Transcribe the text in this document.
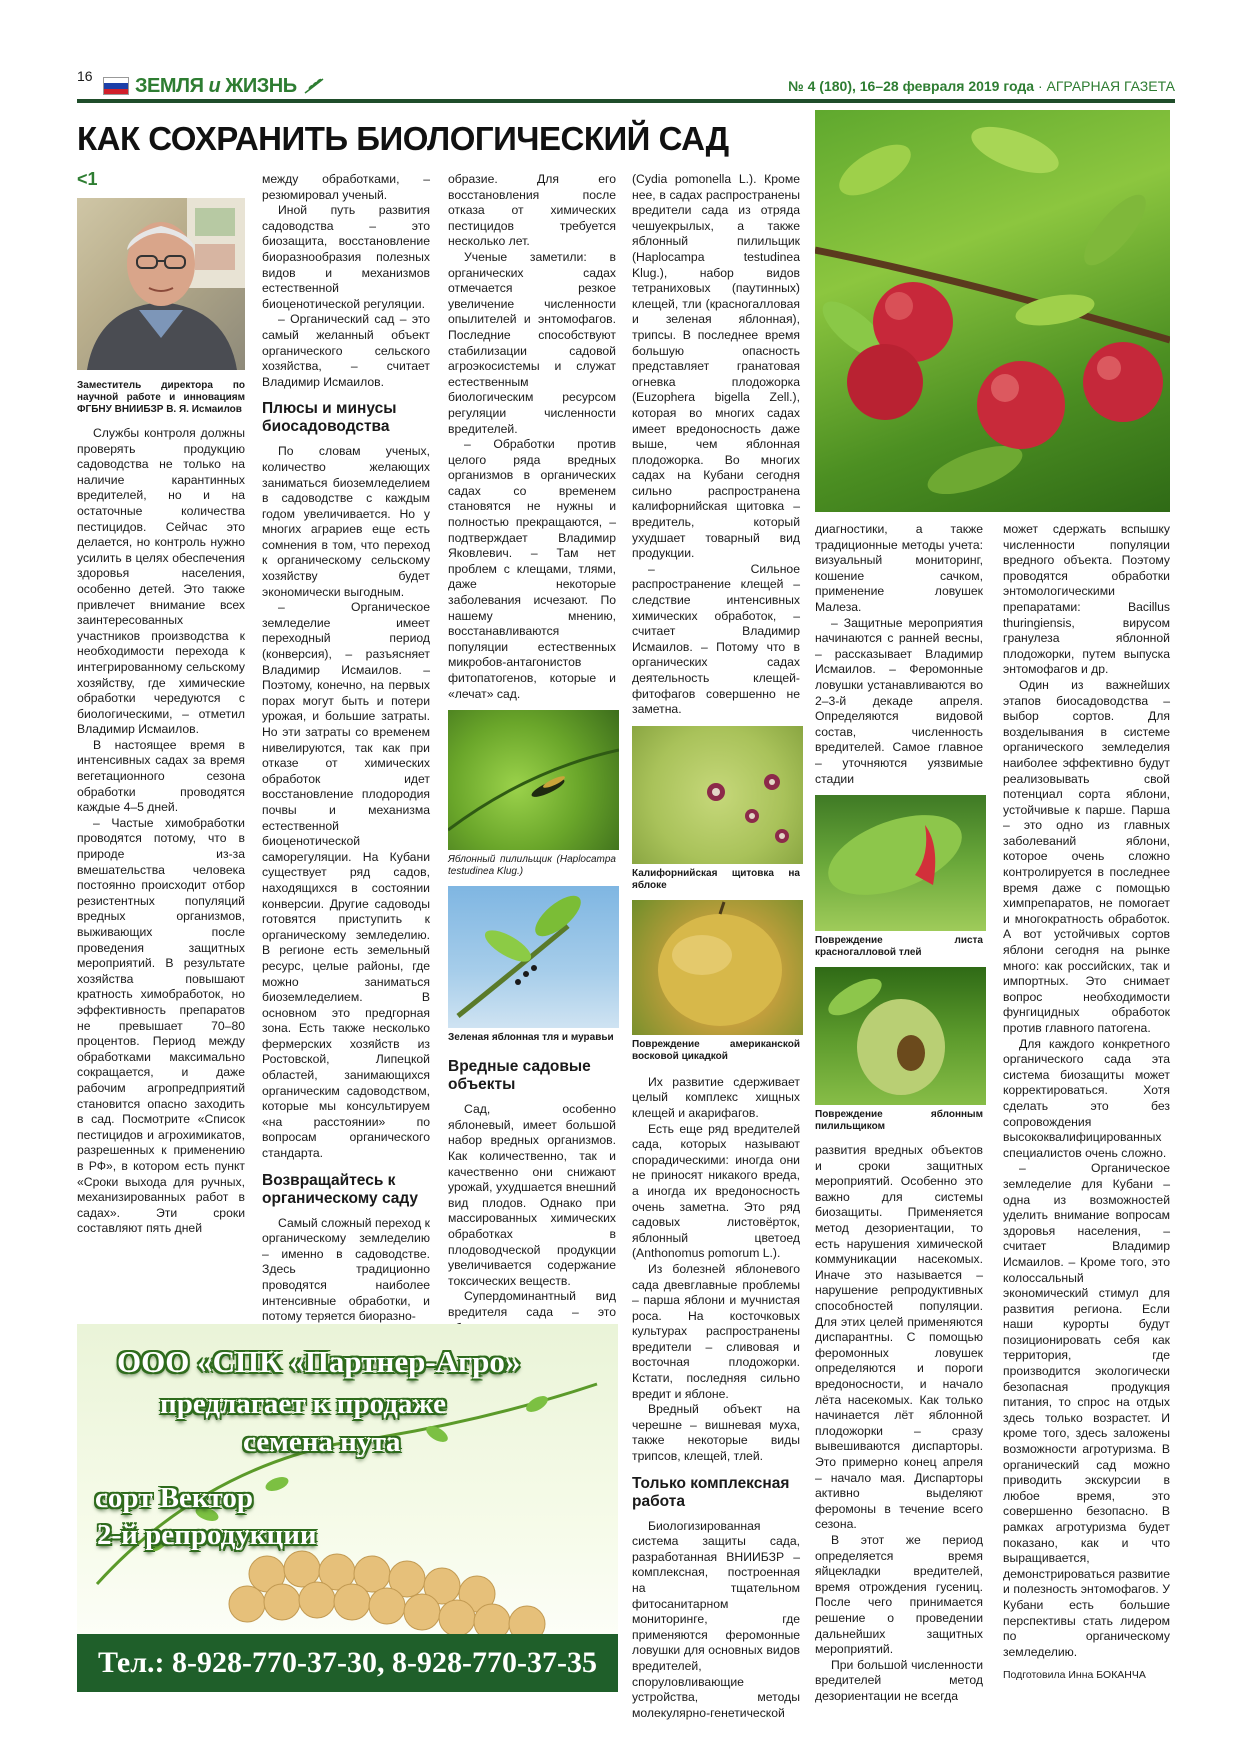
16 ЗЕМЛЯ и ЖИЗНЬ	№ 4 (180), 16–28 февраля 2019 года · АГРАРНАЯ ГАЗЕТА
КАК СОХРАНИТЬ БИОЛОГИЧЕСКИЙ САД
<1
Заместитель директора по научной работе и инновациям ФГБНУ ВНИИБЗР В. Я. Исмаилов

Службы контроля должны проверять продукцию садоводства не только на наличие карантинных вредителей, но и на остаточные количества пестицидов. Сейчас это делается, но контроль нужно усилить в целях обеспечения здоровья населения, особенно детей. Это также привлечет внимание всех заинтересованных участников производства к необходимости перехода к интегрированному сельскому хозяйству, где химические обработки чередуются с биологическими, – отметил Владимир Исмаилов.

В настоящее время в интенсивных садах за время вегетационного сезона обработки проводятся каждые 4–5 дней.

– Частые химобработки проводятся потому, что в природе из-за вмешательства человека постоянно происходит отбор резистентных популяций вредных организмов, выживающих после проведения защитных мероприятий. В результате хозяйства повышают кратность химобработок, но эффективность препаратов не превышает 70–80 процентов. Период между обработками максимально сокращается, и даже рабочим агропредприятий становится опасно заходить в сад. Посмотрите «Список пестицидов и агрохимикатов, разрешенных к применению в РФ», в котором есть пункт «Сроки выхода для ручных, механизированных работ в садах». Эти сроки составляют пять дней

между обработками, – резюмировал ученый.

Иной путь развития садоводства – это биозащита, восстановление биоразнообразия полезных видов и механизмов естественной биоценотической регуляции.

– Органический сад – это самый желанный объект органического сельского хозяйства, – считает Владимир Исмаилов.

Плюсы и минусы биосадоводства

По словам ученых, количество желающих заниматься биоземледелием в садоводстве с каждым годом увеличивается. Но у многих аграриев еще есть сомнения в том, что переход к органическому сельскому хозяйству будет экономически выгодным.

– Органическое земледелие имеет переходный период (конверсия), – разъясняет Владимир Исмаилов. – Поэтому, конечно, на первых порах могут быть и потери урожая, и большие затраты. Но эти затраты со временем нивелируются, так как при отказе от химических обработок идет восстановление плодородия почвы и механизма естественной биоценотической саморегуляции. На Кубани существует ряд садов, находящихся в состоянии конверсии. Другие садоводы готовятся приступить к органическому земледелию. В регионе есть земельный ресурс, целые районы, где можно заниматься биоземледелием. В основном это предгорная зона. Есть также несколько фермерских хозяйств из Ростовской, Липецкой областей, занимающихся органическим садоводством, которые мы консультируем «на расстоянии» по вопросам органического стандарта.

Возвращайтесь к органическому саду

Самый сложный переход к органическому земледелию – именно в садоводстве. Здесь традиционно проводятся наиболее интенсивные обработки, и потому теряется биоразно-

образие. Для его восстановления после отказа от химических пестицидов требуется несколько лет.

Ученые заметили: в органических садах отмечается резкое увеличение численности опылителей и энтомофагов. Последние способствуют стабилизации садовой агроэкосистемы и служат естественным биологическим ресурсом регуляции численности вредителей.

– Обработки против целого ряда вредных организмов в органических садах со временем становятся не нужны и полностью прекращаются, – подтверждает Владимир Яковлевич. – Там нет проблем с клещами, тлями, даже некоторые заболевания исчезают. По нашему мнению, восстанавливаются популяции естественных микробов-антагонистов фитопатогенов, которые и «лечат» сад.

Яблонный пилильщик (Haplocampa testudinea Klug.)
Зеленая яблонная тля и муравьи
Вредные садовые объекты

Сад, особенно яблоневый, имеет большой набор вредных организмов. Как количественно, так и качественно они снижают урожай, ухудшается внешний вид плодов. Однако при массированных химических обработках в плодоводческой продукции увеличивается содержание токсических веществ.

Супердоминантный вид вредителя сада – это

(Cydia pomonella L.). Кроме нее, в садах распространены вредители сада из отряда чешуекрылых, а также яблонный пилильщик (Haplocampa testudinea Klug.), набор видов тетраниховых (паутинных) клещей, тли (красногалловая и зеленая яблонная), трипсы. В последнее время большую опасность представляет гранатовая огневка плодожорка (Euzophera bigella Zell.), которая во многих садах имеет вредоносность даже выше, чем яблонная плодожорка. Во многих садах на Кубани сегодня сильно распространена калифорнийская щитовка – вредитель, который ухудшает товарный вид продукции.

– Сильное распространение клещей – следствие интенсивных химических обработок, – считает Владимир Исмаилов. – Потому что в органических садах деятельность клещей-фитофагов совершенно не заметна.

Калифорнийская щитовка на яблоке
Повреждение американской восковой цикадкой

Их развитие сдерживает целый комплекс хищных клещей и акарифагов.

Есть еще ряд вредителей сада, которых называют спорадическими: иногда они не приносят никакого вреда, а иногда их вредоносность очень заметна. Это ряд садовых листовёрток, яблонный цветоед (Anthonomus pomorum L.).

Из болезней яблоневого сада двевглавные проблемы – парша яблони и мучнистая роса. На косточковых культурах распространены вредители – сливовая и восточная плодожорки. Кстати, последняя сильно вредит и яблоне.

Вредный объект на черешне – вишневая муха, также некоторые виды трипсов, клещей, тлей.

Только комплексная работа

Биологизированная система защиты сада, разработанная ВНИИБЗР – комплексная, построенная на тщательном фитосанитарном мониторинге, где применяются феромонные ловушки для основных видов вредителей, споруловливающие устройства, методы молекулярно-генетической

диагностики, а также традиционные методы учета: визуальный мониторинг, кошение сачком, применение ловушек Малеза.

– Защитные мероприятия начинаются с ранней весны, – рассказывает Владимир Исмаилов. – Феромонные ловушки устанавливаются во 2–3-й декаде апреля. Определяются видовой состав, численность вредителей. Самое главное – уточняются уязвимые стадии

Повреждение листа красногалловой тлей
Повреждение яблонным пилильщиком

развития вредных объектов и сроки защитных мероприятий. Особенно это важно для системы биозащиты. Применяется метод дезориентации, то есть нарушения химической коммуникации насекомых. Иначе это называется – нарушение репродуктивных способностей популяции. Для этих целей применяются диспарантны. С помощью феромонных ловушек определяются и пороги вредоносности, и начало лёта насекомых. Как только начинается лёт яблонной плодожорки – сразу вывешиваются диспарторы. Это примерно конец апреля – начало мая. Диспарторы активно выделяют феромоны в течение всего сезона.

В этот же период определяется время яйцекладки вредителей, время отрождения гусениц. После чего принимается решение о проведении дальнейших защитных мероприятий.

При большой численности вредителей метод дезориентации не всегда

может сдержать вспышку численности популяции вредного объекта. Поэтому проводятся обработки энтомологическими препаратами: Bacillus thuringiensis, вирусом гранулеза яблонной плодожорки, путем выпуска энтомофагов и др.

Один из важнейших этапов биосадоводства – выбор сортов. Для возделывания в системе органического земледелия наиболее эффективно будут реализовывать свой потенциал сорта яблони, устойчивые к парше. Парша – это одно из главных заболеваний яблони, которое очень сложно контролируется в последнее время даже с помощью химпрепаратов, не помогает и многократность обработок. А вот устойчивых сортов яблони сегодня на рынке много: как российских, так и импортных. Это снимает вопрос необходимости фунгицидных обработок против главного патогена.

Для каждого конкретного органического сада эта система биозащиты может корректироваться. Хотя сделать это без сопровождения высококвалифицированных специалистов очень сложно.

– Органическое земледелие для Кубани – одна из возможностей уделить внимание вопросам здоровья населения, – считает Владимир Исмаилов. – Кроме того, это колоссальный экономический стимул для развития региона. Если наши курорты будут позиционировать себя как территория, где производится экологически безопасная продукция питания, то спрос на отдых здесь только возрастет. И кроме того, здесь заложены возможности агротуризма. В органический сад можно приводить экскурсии в любое время, это совершенно безопасно. В рамках агротуризма будет показано, как и что выращивается, демонстрироваться развитие и полезность энтомофагов. У Кубани есть большие перспективы стать лидером по органическому земледелию.

Подготовила Инна БОКАНЧА
ООО «СПК «Партнер-Агро»
предлагает к продаже
семена нута
сорт Вектор
2-й репродукции
Тел.: 8-928-770-37-30, 8-928-770-37-35
